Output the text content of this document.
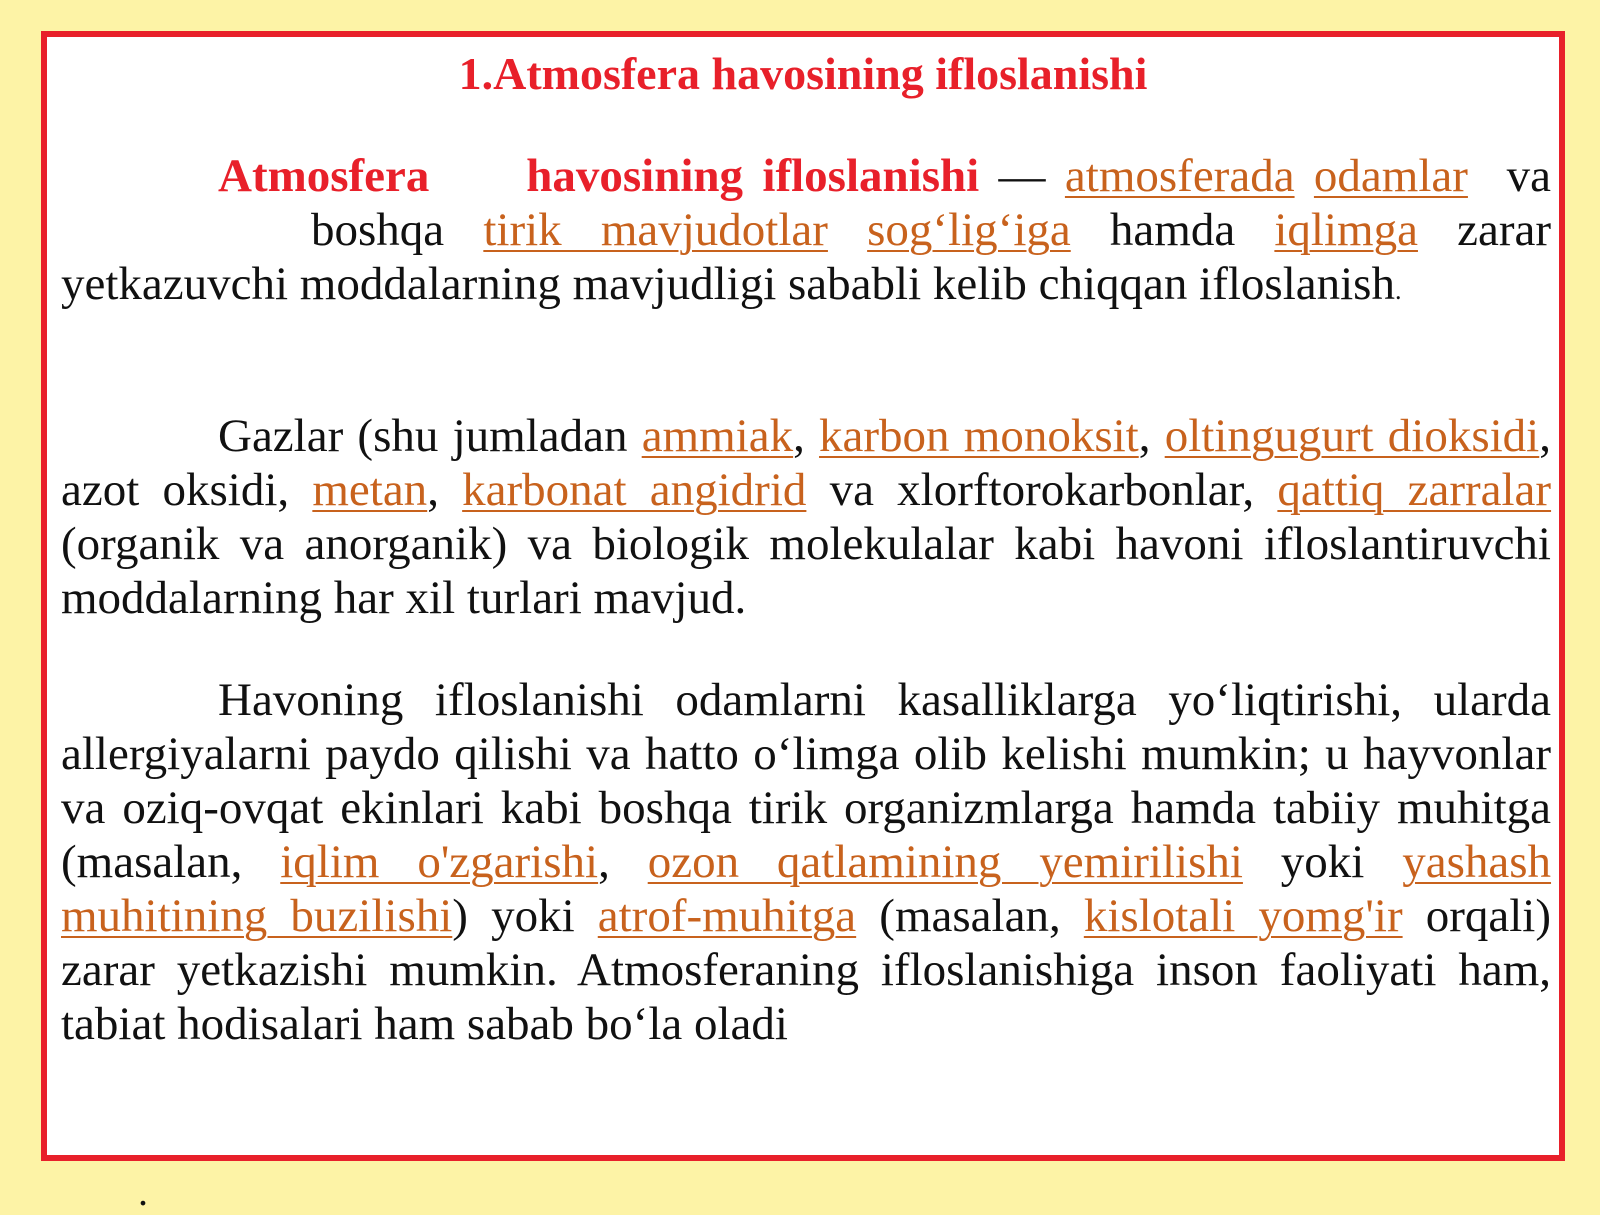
1.Atmosfera havosining ifloslanishi

Atmosfera havosining ifloslanishi — atmosferada odamlar vaboshqa tirik mavjudotlar sog‘lig‘iga hamda iqlimga zarar yetkazuvchi moddalarning mavjudligi sababli kelib chiqqan ifloslanish.

Gazlar (shu jumladan ammiak, karbon monoksit, oltingugurt dioksidi, azot oksidi, metan, karbonat angidrid va xlorftorokarbonlar, qattiq zarralar (organik va anorganik) va biologik molekulalar kabi havoni ifloslantiruvchi moddalarning har xil turlari mavjud.

Havoning ifloslanishi odamlarni kasalliklarga yo‘liqtirishi, ularda allergiyalarni paydo qilishi va hatto o‘limga olib kelishi mumkin; u hayvonlar va oziq-ovqat ekinlari kabi boshqa tirik organizmlarga hamda tabiiy muhitga (masalan, iqlim o'zgarishi, ozon qatlamining yemirilishi yoki yashash muhitining buzilishi) yoki atrof-muhitga (masalan, kislotali yomg'ir orqali) zarar yetkazishi mumkin. Atmosferaning ifloslanishiga inson faoliyati ham, tabiat hodisalari ham sabab bo‘la oladi

.
